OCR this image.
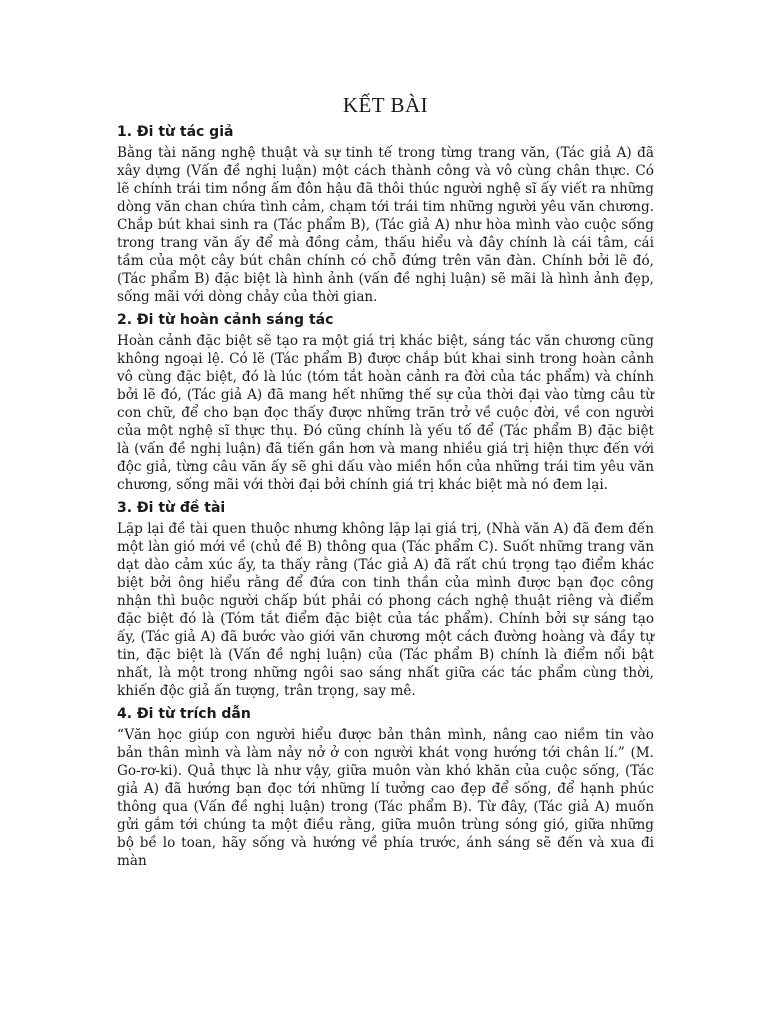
KẾT BÀI
1. Đi từ tác giả

Bằng tài năng nghệ thuật và sự tinh tế trong từng trang văn, (Tác giả A) đã xây dựng (Vấn đề nghị luận) một cách thành công và vô cùng chân thực. Có lẽ chính trái tim nồng ấm đôn hậu đã thôi thúc người nghệ sĩ ấy viết ra những dòng văn chan chứa tình cảm, chạm tới trái tim những người yêu văn chương. Chắp bút khai sinh ra (Tác phẩm B), (Tác giả A) như hòa mình vào cuộc sống trong trang văn ấy để mà đồng cảm, thấu hiểu và đây chính là cái tâm, cái tầm của một cây bút chân chính có chỗ đứng trên văn đàn. Chính bởi lẽ đó, (Tác phẩm B) đặc biệt là hình ảnh (vấn đề nghị luận) sẽ mãi là hình ảnh đẹp, sống mãi với dòng chảy của thời gian.

2. Đi từ hoàn cảnh sáng tác

Hoàn cảnh đặc biệt sẽ tạo ra một giá trị khác biệt, sáng tác văn chương cũng không ngoại lệ. Có lẽ (Tác phẩm B) được chắp bút khai sinh trong hoàn cảnh vô cùng đặc biệt, đó là lúc (tóm tắt hoàn cảnh ra đời của tác phẩm) và chính bởi lẽ đó, (Tác giả A) đã mang hết những thế sự của thời đại vào từng câu từ con chữ, để cho bạn đọc thấy được những trăn trở về cuộc đời, về con người của một nghệ sĩ thực thụ. Đó cũng chính là yếu tố để (Tác phẩm B) đặc biệt là (vấn đề nghị luận) đã tiến gần hơn và mang nhiều giá trị hiện thực đến với độc giả, từng câu văn ấy sẽ ghi dấu vào miền hồn của những trái tim yêu văn chương, sống mãi với thời đại bởi chính giá trị khác biệt mà nó đem lại.

3. Đi từ đề tài

Lặp lại đề tài quen thuộc nhưng không lặp lại giá trị, (Nhà văn A) đã đem đến một làn gió mới về (chủ đề B) thông qua (Tác phẩm C). Suốt những trang văn dạt dào cảm xúc ấy, ta thấy rằng (Tác giả A) đã rất chú trọng tạo điểm khác biệt bởi ông hiểu rằng để đứa con tinh thần của mình được bạn đọc công nhận thì buộc người chấp bút phải có phong cách nghệ thuật riêng và điểm đặc biệt đó là (Tóm tắt điểm đặc biệt của tác phẩm). Chính bởi sự sáng tạo ấy, (Tác giả A) đã bước vào giới văn chương một cách đường hoàng và đầy tự tin, đặc biệt là (Vấn đề nghị luận) của (Tác phẩm B) chính là điểm nổi bật nhất, là một trong những ngôi sao sáng nhất giữa các tác phẩm cùng thời, khiến độc giả ấn tượng, trân trọng, say mê.

4. Đi từ trích dẫn

“Văn học giúp con người hiểu được bản thân mình, nâng cao niềm tin vào bản thân mình và làm nảy nở ở con người khát vọng hướng tới chân lí.” (M. Go-rơ-ki). Quả thực là như vậy, giữa muôn vàn khó khăn của cuộc sống, (Tác giả A) đã hướng bạn đọc tới những lí tưởng cao đẹp để sống, để hạnh phúc thông qua (Vấn đề nghị luận) trong (Tác phẩm B). Từ đây, (Tác giả A) muốn gửi gắm tới chúng ta một điều rằng, giữa muôn trùng sóng gió, giữa những bộ bề lo toan, hãy sống và hướng về phía trước, ánh sáng sẽ đến và xua đi màn
